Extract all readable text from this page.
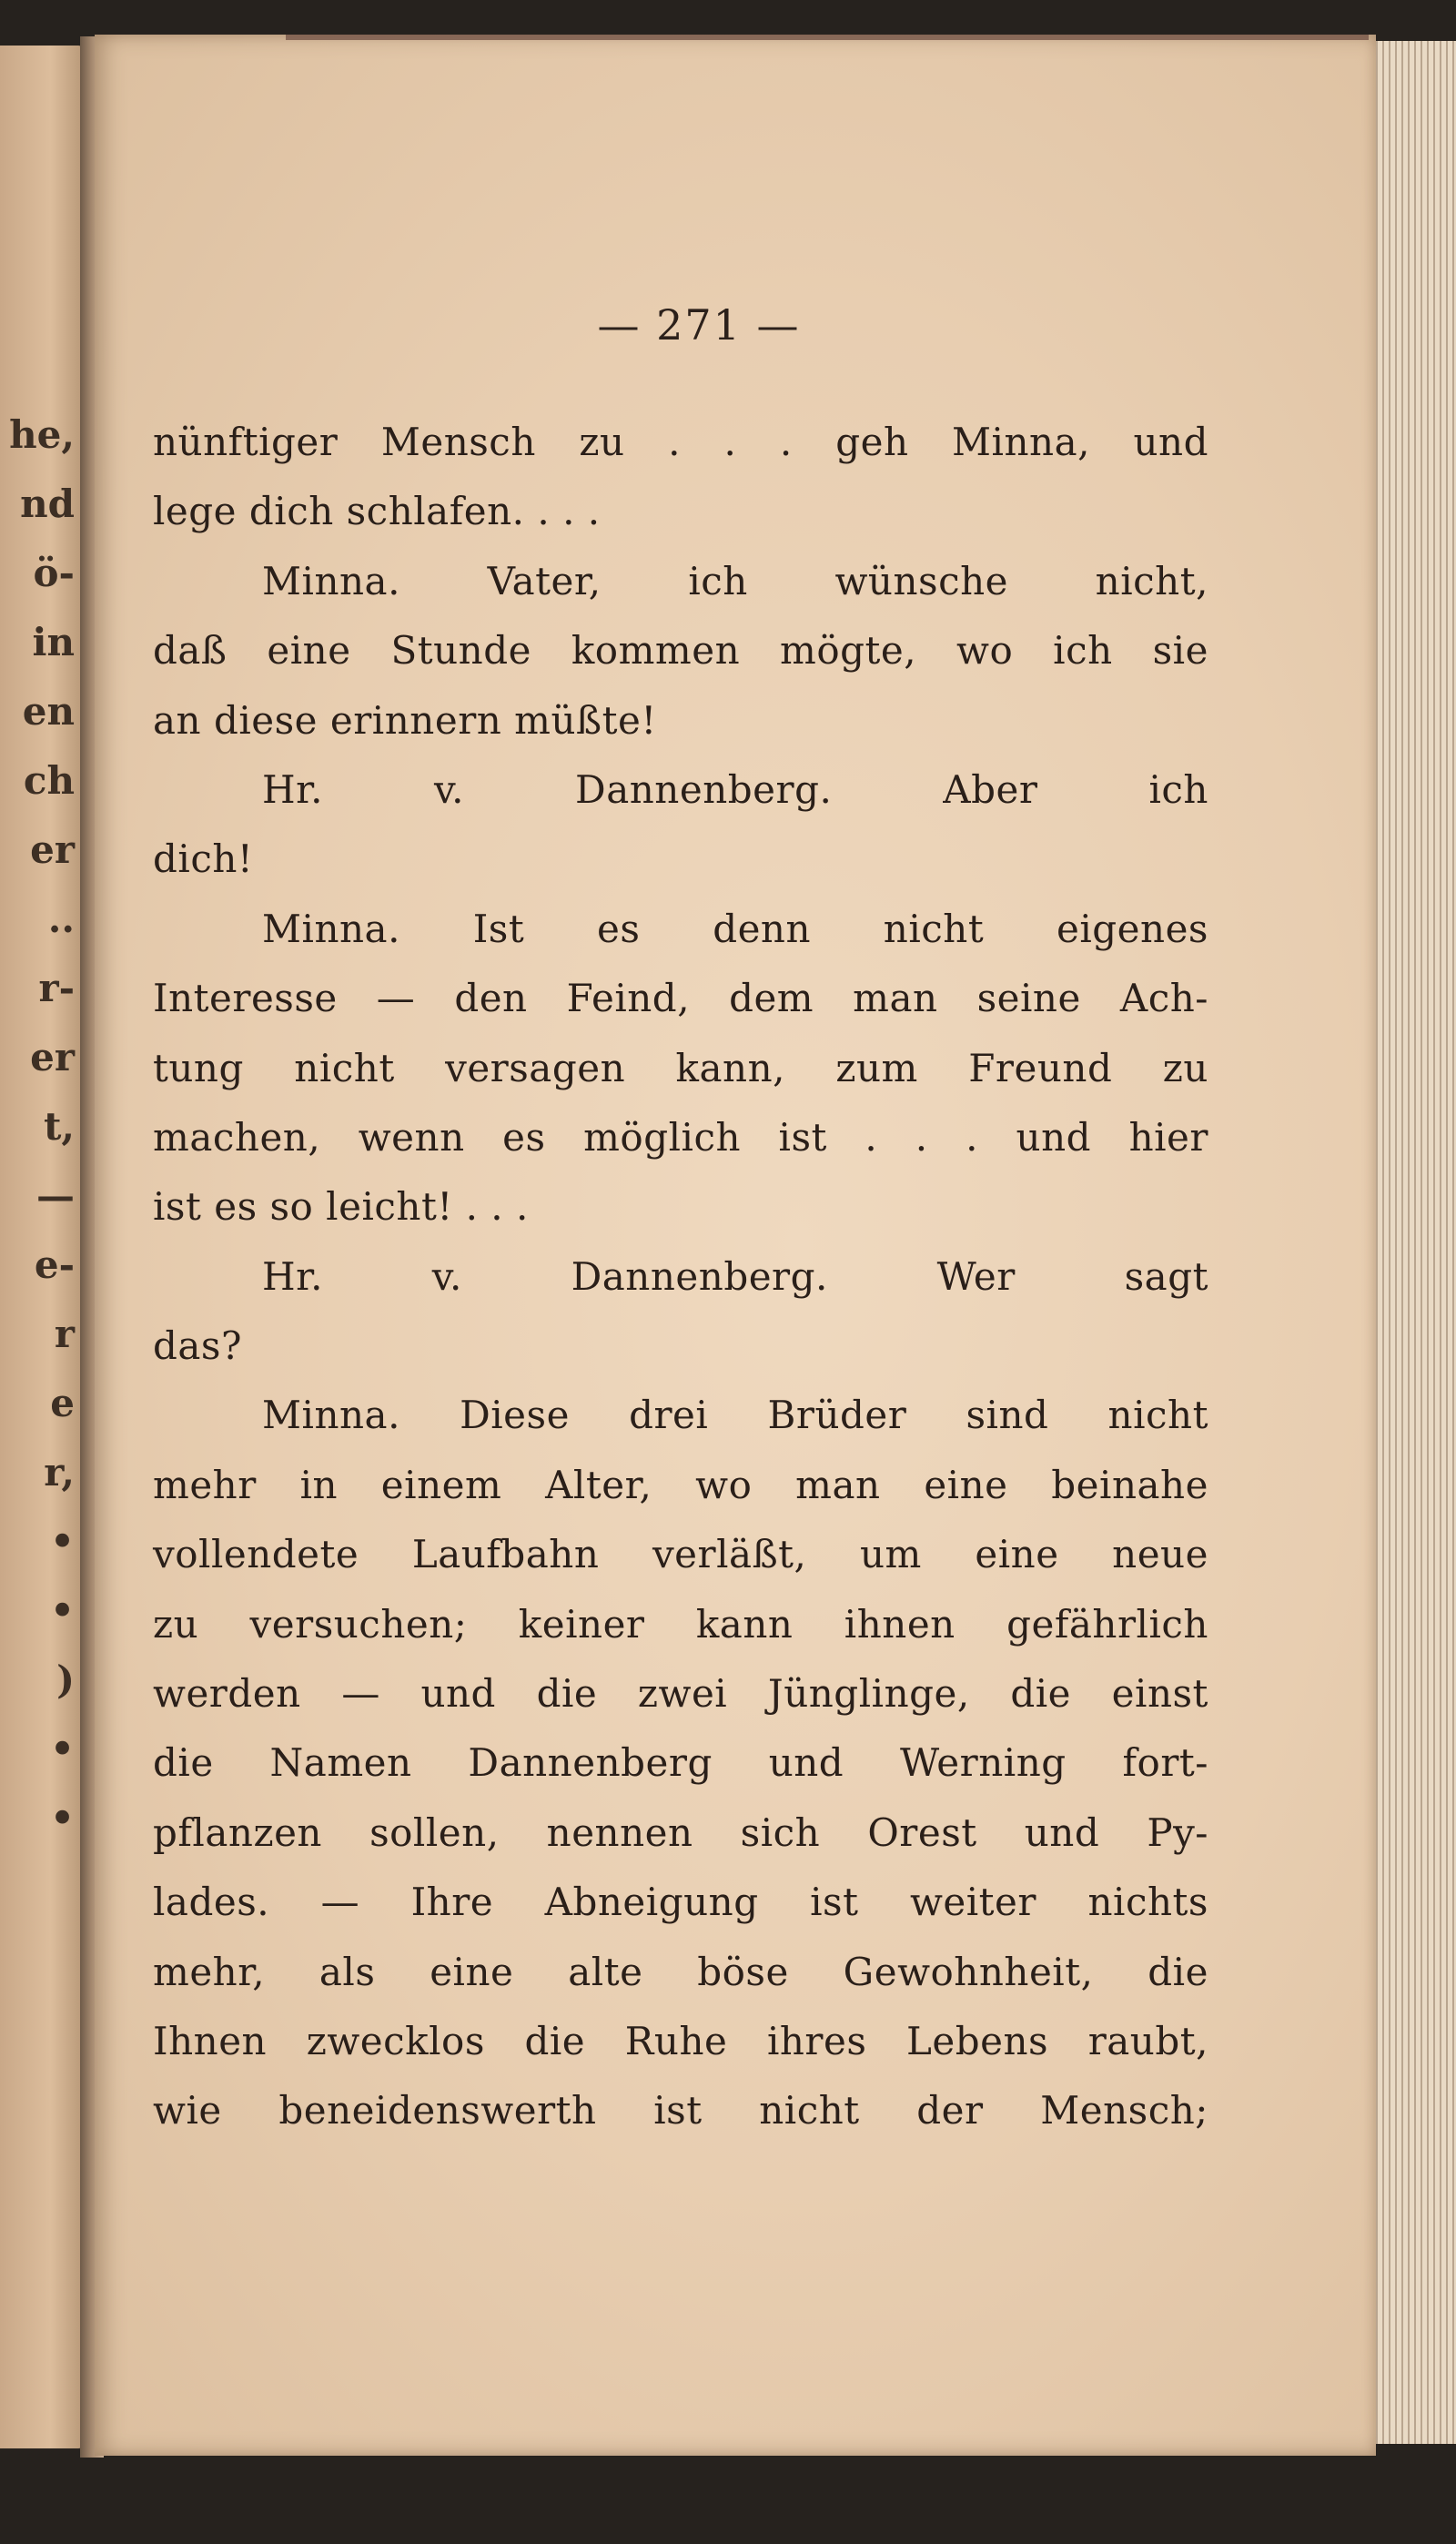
he,
nd
ö-
in
en
ch
er
..
r-
er
t,
—
e-
r
e
r,
•
•
)
•
•
— 271 —
nünftiger Mensch zu . . . geh Minna, und
lege dich schlafen. . . .
Minna. Vater, ich wünsche nicht,
daß eine Stunde kommen mögte, wo ich sie
an diese erinnern müßte!
Hr.	v.	Dannenberg.	Aber	ich
dich!
Minna. Ist es denn nicht eigenes
Interesse — den Feind, dem man seine Ach-
tung nicht versagen kann, zum Freund zu
machen, wenn es möglich ist . . . und hier
ist es so leicht! . . .
Hr.	v.	Dannenberg.	Wer	sagt
das?
Minna. Diese drei Brüder sind nicht
mehr in einem Alter, wo man eine beinahe
vollendete Laufbahn verläßt, um eine neue
zu versuchen; keiner kann ihnen gefährlich
werden — und die zwei Jünglinge, die einst
die Namen Dannenberg und Werning fort-
pflanzen sollen, nennen sich Orest und Py-
lades. — Ihre Abneigung ist weiter nichts
mehr, als eine alte böse Gewohnheit, die
Ihnen zwecklos die Ruhe ihres Lebens raubt,
wie beneidenswerth ist nicht der Mensch;
